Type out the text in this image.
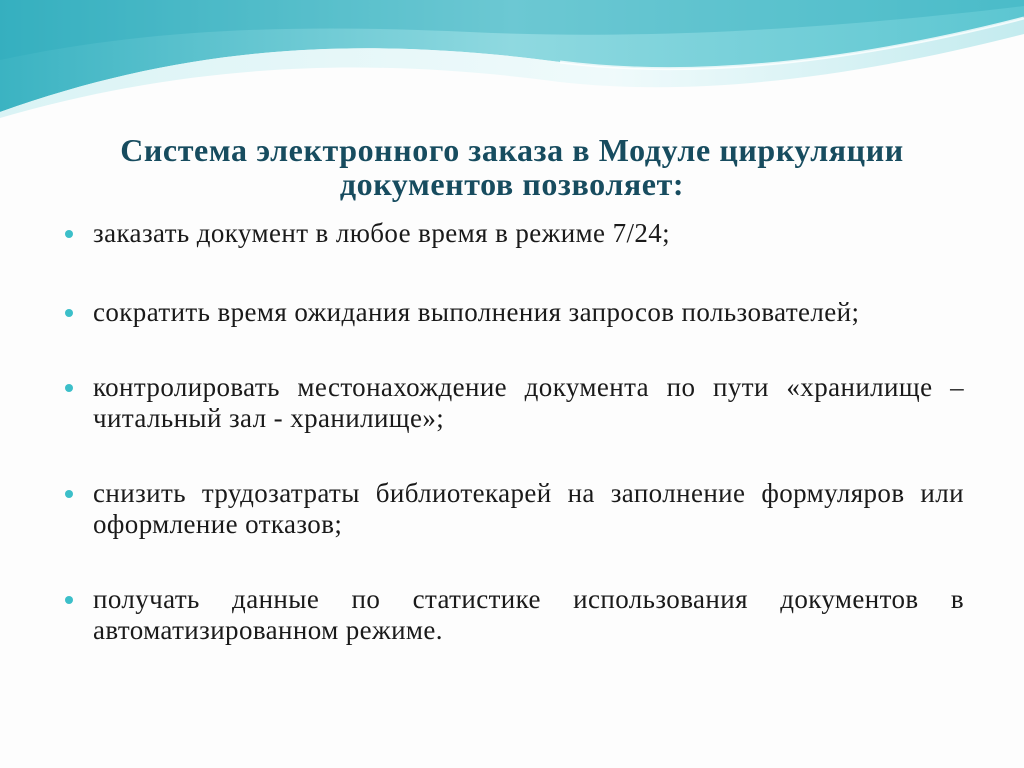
Система электронного заказа в Модуле циркуляции документов позволяет:
заказать документ в любое время в режиме 7/24;
сократить время ожидания выполнения запросов пользователей;
контролировать местонахождение документа по пути «хранилище – читальный зал - хранилище»;
снизить трудозатраты библиотекарей на заполнение формуляров или оформление отказов;
получать данные по статистике использования документов в автоматизированном режиме.
